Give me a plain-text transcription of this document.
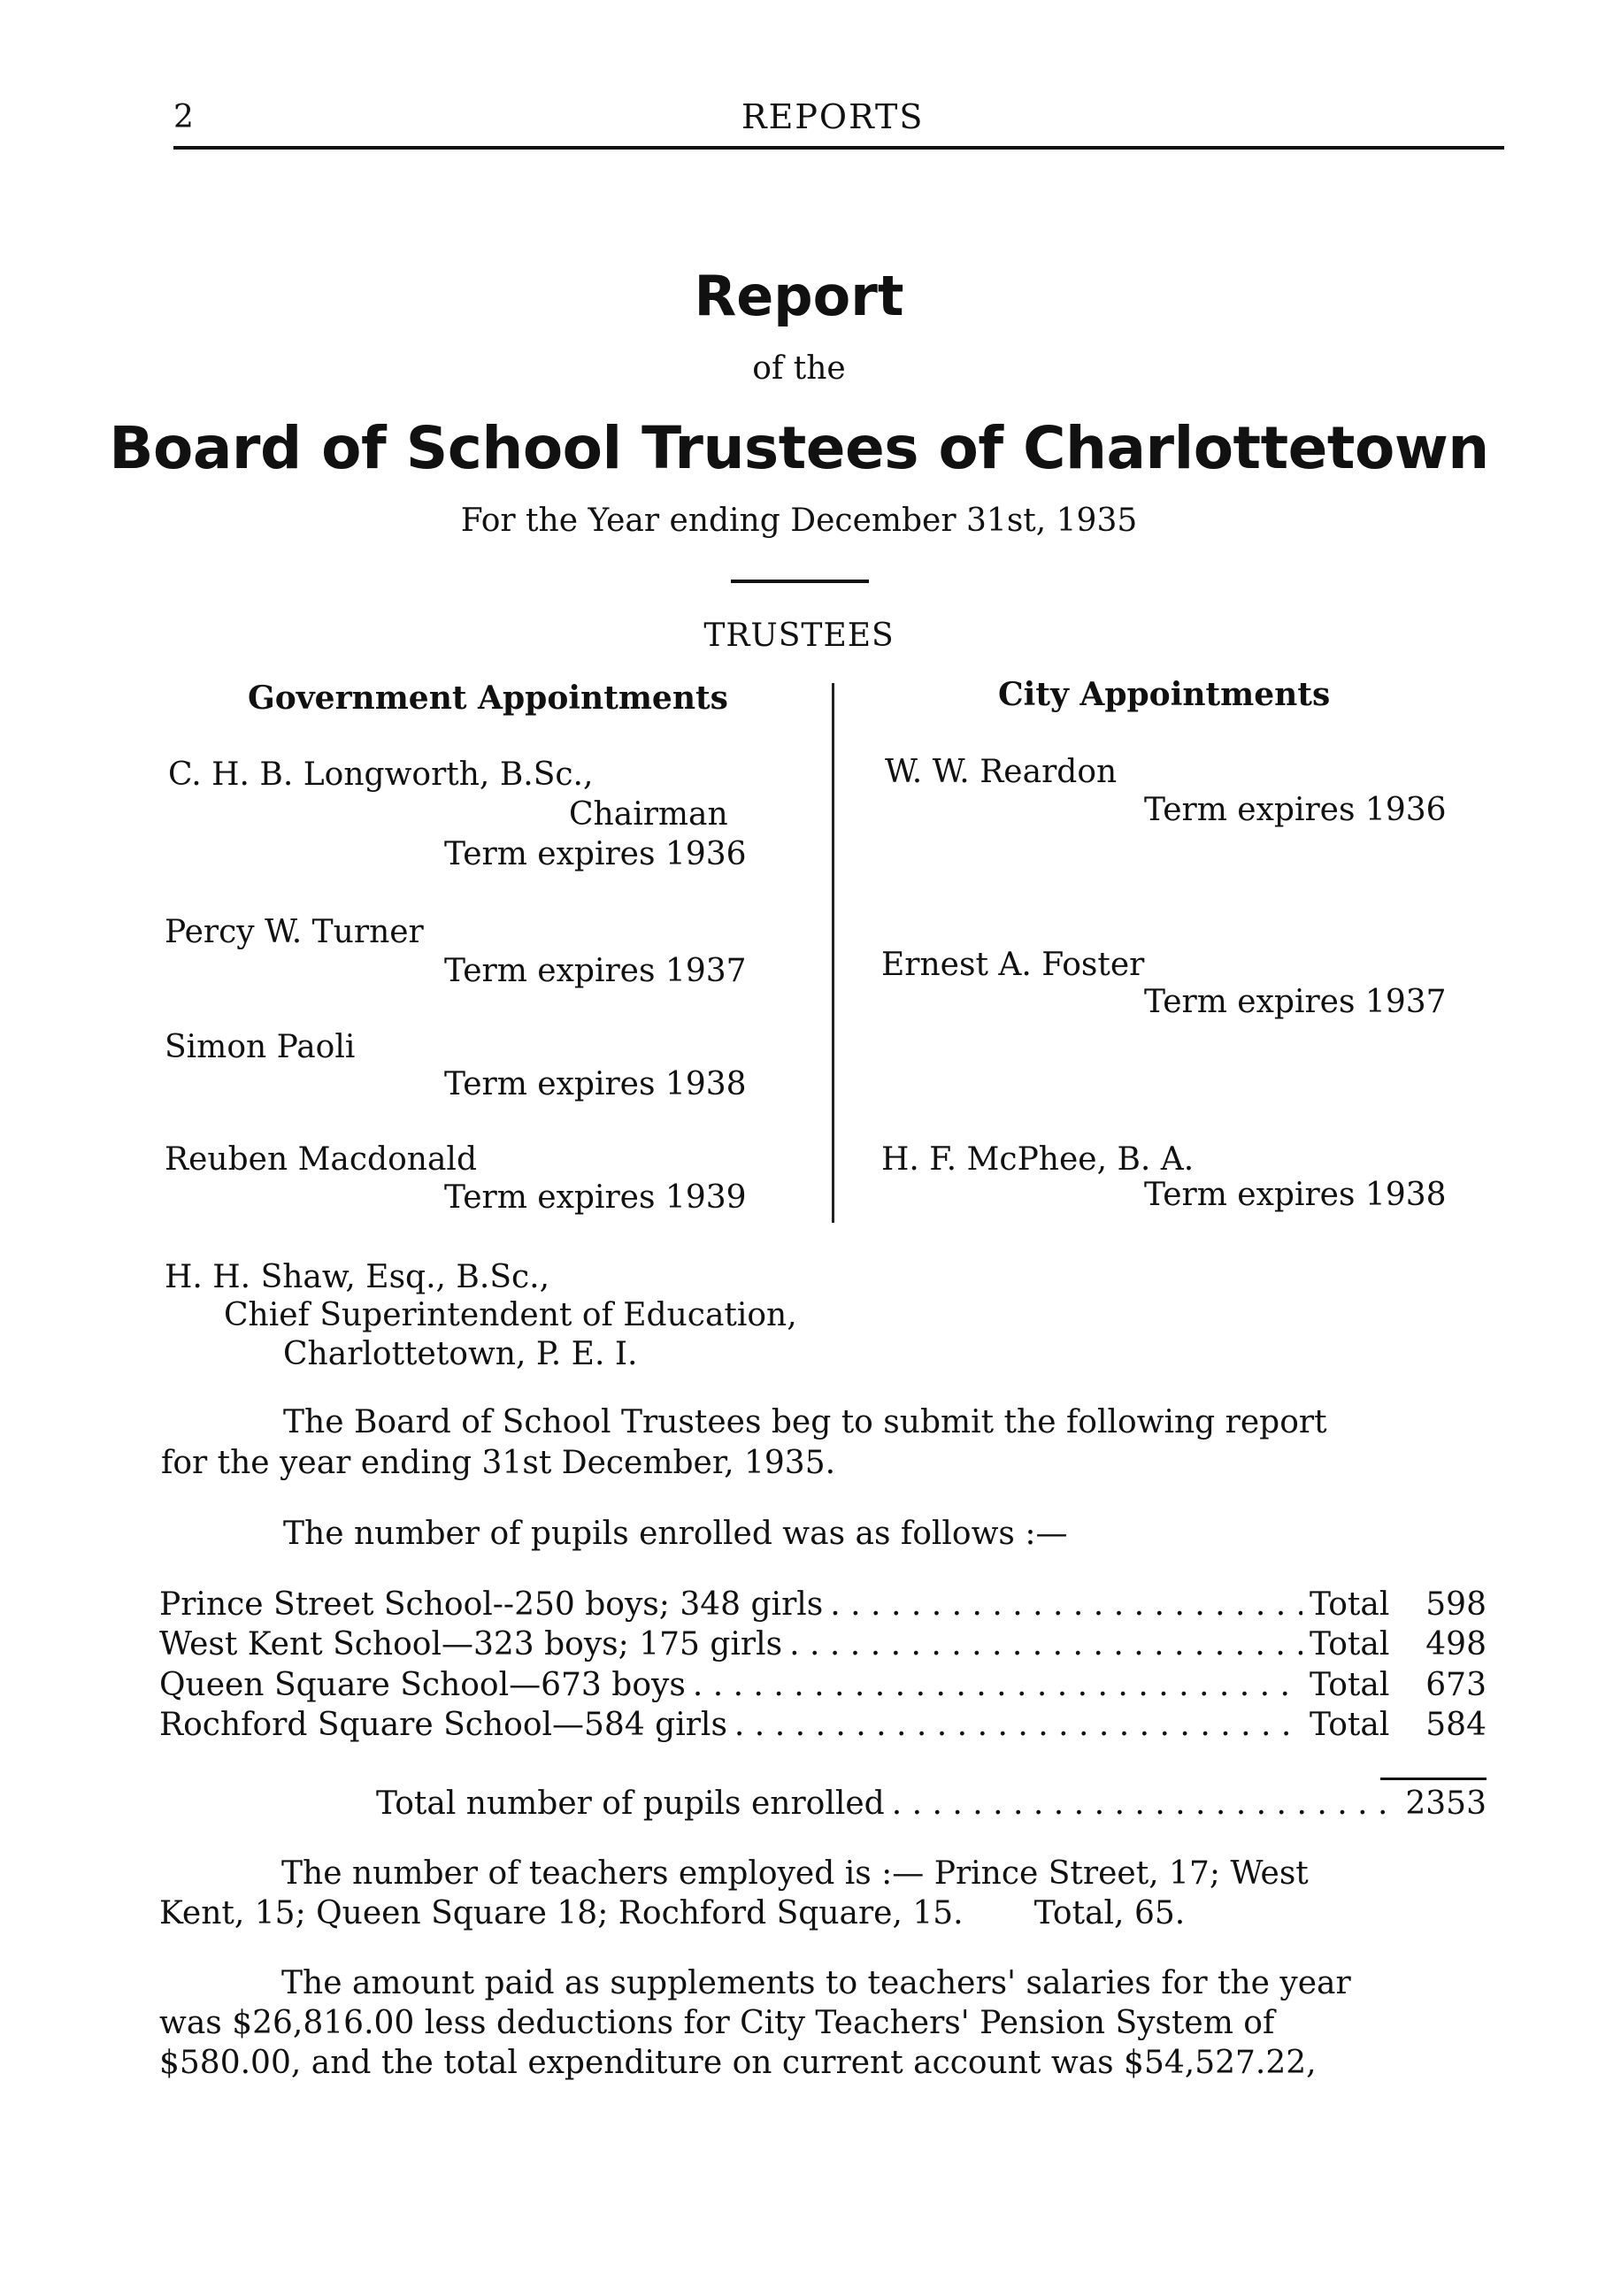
2	REPORTS
Report
of the
Board of School Trustees of Charlottetown
For the Year ending December 31st, 1935
TRUSTEES
Government Appointments	City Appointments
C. H. B. Longworth, B.Sc.,
Chairman
Term expires 1936
Percy W. Turner
Term expires 1937
Simon Paoli
Term expires 1938
Reuben Macdonald
Term expires 1939
W. W. Reardon
Term expires 1936
Ernest A. Foster
Term expires 1937
H. F. McPhee, B. A.
Term expires 1938
H. H. Shaw, Esq., B.Sc.,
Chief Superintendent of Education,
Charlottetown, P. E. I.
The Board of School Trustees beg to submit the following report
for the year ending 31st December, 1935.
The number of pupils enrolled was as follows :—
Prince Street School--250 boys; 348 girls . . .	Total	598
West Kent School—323 boys; 175 girls . . .	Total	498
Queen Square School—673 boys . . .	Total	673
Rochford Square School—584 girls . . .	Total	584
Total number of pupils enrolled . . .	2353
The number of teachers employed is :— Prince Street, 17; West
Kent, 15; Queen Square 18; Rochford Square, 15.       Total, 65.
The amount paid as supplements to teachers' salaries for the year
was $26,816.00 less deductions for City Teachers' Pension System of
$580.00, and the total expenditure on current account was $54,527.22,
